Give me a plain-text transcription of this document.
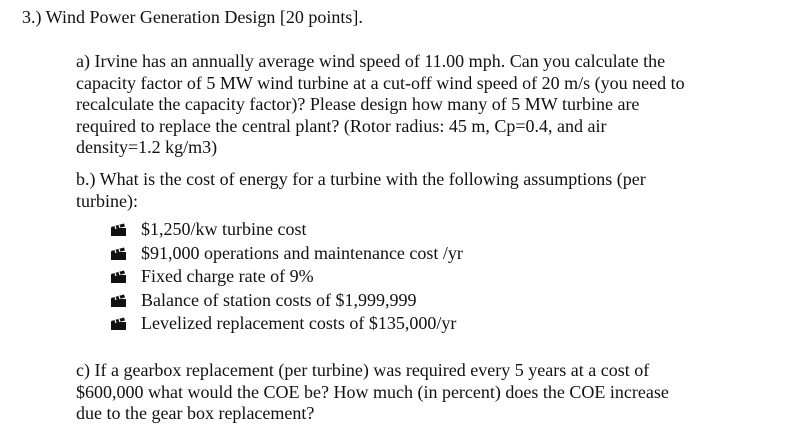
3.) Wind Power Generation Design [20 points].

a) Irvine has an annually average wind speed of 11.00 mph. Can you calculate the
capacity factor of 5 MW wind turbine at a cut-off wind speed of 20 m/s (you need to
recalculate the capacity factor)? Please design how many of 5 MW turbine are
required to replace the central plant? (Rotor radius: 45 m, Cp=0.4, and air
density=1.2 kg/m3)

b.) What is the cost of energy for a turbine with the following assumptions (per
turbine):

$1,250/kw turbine cost
$91,000 operations and maintenance cost /yr
Fixed charge rate of 9%
Balance of station costs of $1,999,999
Levelized replacement costs of $135,000/yr

c) If a gearbox replacement (per turbine) was required every 5 years at a cost of
$600,000 what would the COE be? How much (in percent) does the COE increase
due to the gear box replacement?
